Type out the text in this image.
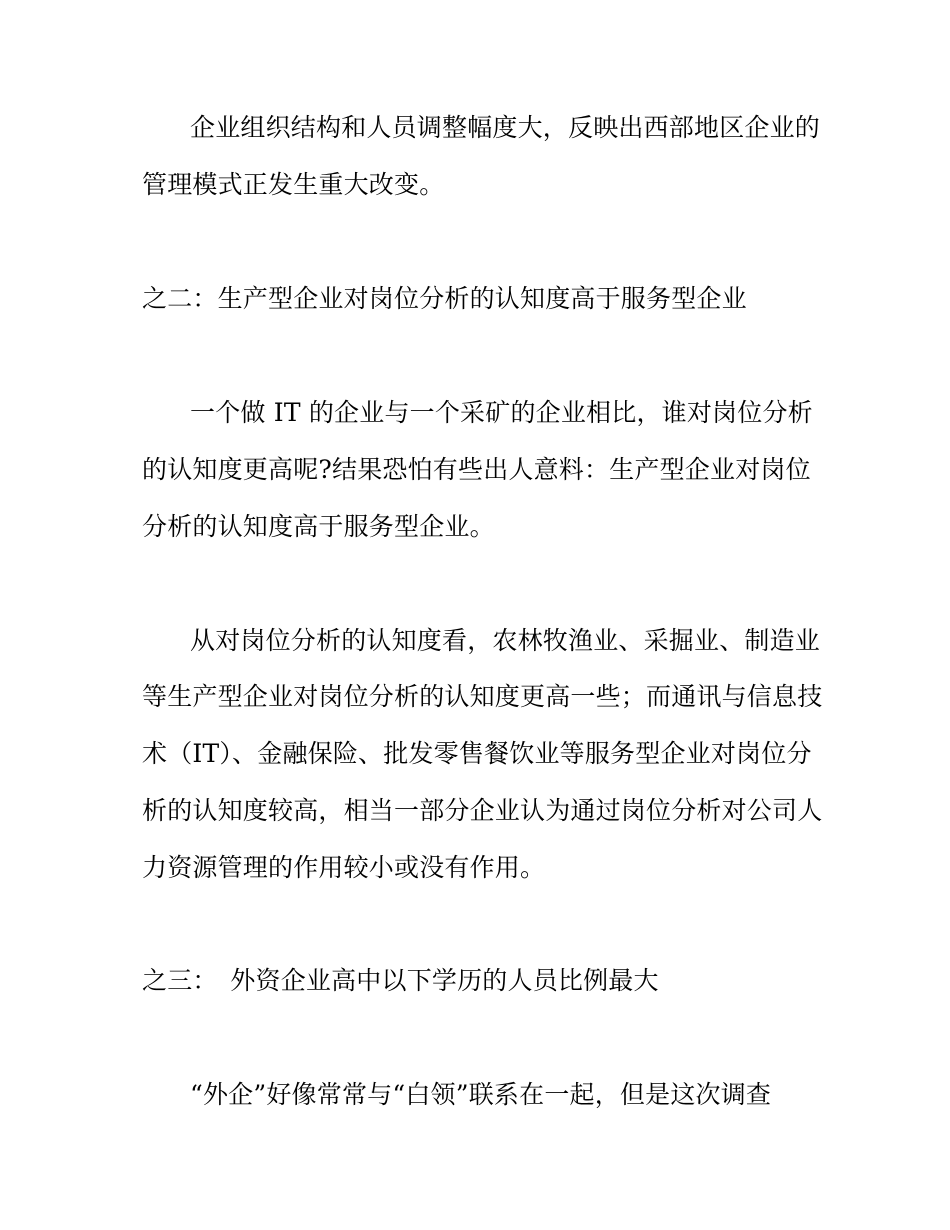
企业组织结构和人员调整幅度大，反映出西部地区企业的
管理模式正发生重大改变。
之二：生产型企业对岗位分析的认知度高于服务型企业
一个做 IT 的企业与一个采矿的企业相比，谁对岗位分析
的认知度更高呢?结果恐怕有些出人意料：生产型企业对岗位
分析的认知度高于服务型企业。
从对岗位分析的认知度看，农林牧渔业、采掘业、制造业
等生产型企业对岗位分析的认知度更高一些；而通讯与信息技
术（IT）、金融保险、批发零售餐饮业等服务型企业对岗位分
析的认知度较高，相当一部分企业认为通过岗位分析对公司人
力资源管理的作用较小或没有作用。
之三：　外资企业高中以下学历的人员比例最大
“外企”好像常常与“白领”联系在一起，但是这次调查
